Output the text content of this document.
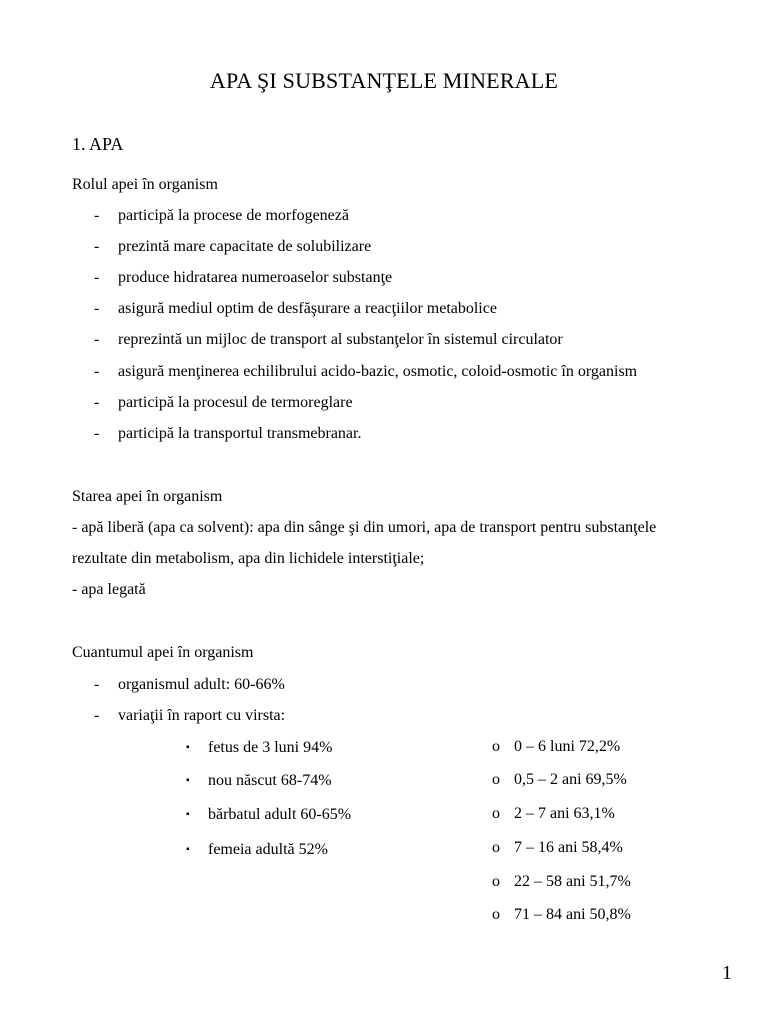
APA ŞI SUBSTANŢELE MINERALE
1. APA
Rolul apei în organism
- participă la procese de morfogeneză
- prezintă mare capacitate de solubilizare
- produce hidratarea numeroaselor substanţe
- asigură mediul optim de desfăşurare a reacţiilor metabolice
- reprezintă un mijloc de transport al substanţelor în sistemul circulator
- asigură menţinerea echilibrului acido-bazic, osmotic, coloid-osmotic în organism
- participă la procesul de termoreglare
- participă la transportul transmebranar.
Starea apei în organism
- apă liberă (apa ca solvent): apa din sânge şi din umori, apa de transport pentru substanţele
rezultate din metabolism, apa din lichidele interstiţiale;
- apa legată
Cuantumul apei în organism
- organismul adult: 60-66%
- variaţii în raport cu virsta:
▪ fetus de 3 luni 94%
▪ nou născut 68-74%
▪ bărbatul adult 60-65%
▪ femeia adultă 52%
o 0 – 6 luni 72,2%
o 0,5 – 2 ani 69,5%
o 2 – 7 ani 63,1%
o 7 – 16 ani 58,4%
o 22 – 58 ani 51,7%
o 71 – 84 ani 50,8%
1
